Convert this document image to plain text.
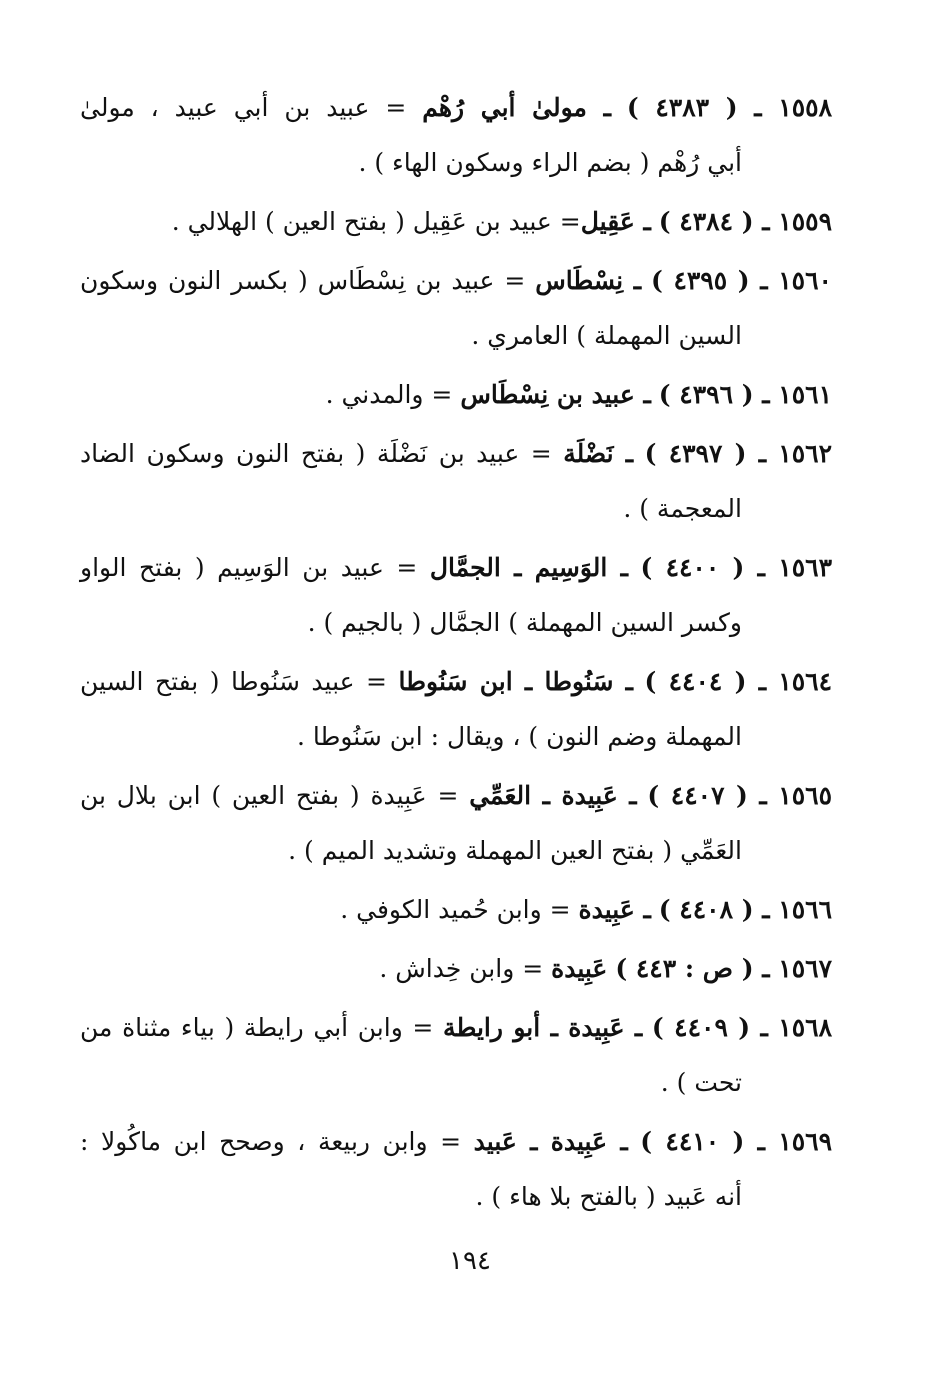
١٥٥٨ ـ ( ٤٣٨٣ ) ـ مولىٰ أبي رُهْم = عبيد بن أبي عبيد ، مولىٰ
أبي رُهْم ( بضم الراء وسكون الهاء ) .
١٥٥٩ ـ ( ٤٣٨٤ ) ـ عَقِيل= عبيد بن عَقِيل ( بفتح العين ) الهلالي .
١٥٦٠ ـ ( ٤٣٩٥ ) ـ نِسْطَاس = عبيد بن نِسْطَاس ( بكسر النون وسكون
السين المهملة ) العامري .
١٥٦١ ـ ( ٤٣٩٦ ) ـ عبيد بن نِسْطَاس = والمدني .
١٥٦٢ ـ ( ٤٣٩٧ ) ـ نَضْلَة = عبيد بن نَضْلَة ( بفتح النون وسكون الضاد
المعجمة ) .
١٥٦٣ ـ ( ٤٤٠٠ ) ـ الوَسِيم ـ الجمَّال = عبيد بن الوَسِيم ( بفتح الواو
وكسر السين المهملة ) الجمَّال ( بالجيم ) .
١٥٦٤ ـ ( ٤٤٠٤ ) ـ سَنُوطا ـ ابن سَنُوطا = عبيد سَنُوطا ( بفتح السين
المهملة وضم النون ) ، ويقال : ابن سَنُوطا .
١٥٦٥ ـ ( ٤٤٠٧ ) ـ عَبِيدة ـ العَمِّي = عَبِيدة ( بفتح العين ) ابن بلال بن
العَمِّي ( بفتح العين المهملة وتشديد الميم ) .
١٥٦٦ ـ ( ٤٤٠٨ ) ـ عَبِيدة = وابن حُميد الكوفي .
١٥٦٧ ـ ( ص : ٤٤٣ ) عَبِيدة = وابن خِداش .
١٥٦٨ ـ ( ٤٤٠٩ ) ـ عَبِيدة ـ أبو رايطة = وابن أبي رايطة ( بياء مثناة من
تحت ) .
١٥٦٩ ـ ( ٤٤١٠ ) ـ عَبِيدة ـ عَبيد = وابن ربيعة ، وصحح ابن ماكُولا :
أنه عَبيد ( بالفتح بلا هاء ) .
١٩٤
